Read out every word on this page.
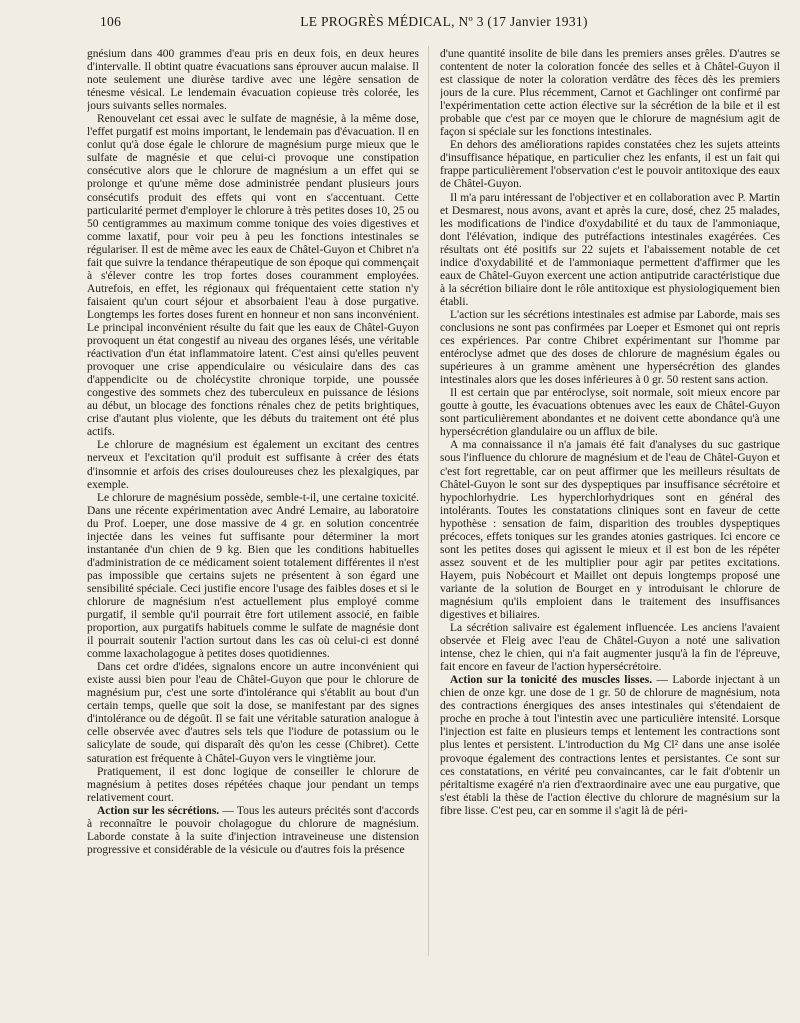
106	LE PROGRÈS MÉDICAL, Nº 3 (17 Janvier 1931)

gnésium dans 400 grammes d'eau pris en deux fois, en deux heures d'intervalle. Il obtint quatre évacuations sans éprouver aucun malaise. Il note seulement une diurèse tardive avec une légère sensation de ténesme vésical. Le lendemain évacuation copieuse très colorée, les jours suivants selles normales.

Renouvelant cet essai avec le sulfate de magnésie, à la même dose, l'effet purgatif est moins important, le lendemain pas d'évacuation. Il en conlut qu'à dose égale le chlorure de magnésium purge mieux que le sulfate de magnésie et que celui-ci provoque une constipation consécutive alors que le chlorure de magnésium a un effet qui se prolonge et qu'une même dose administrée pendant plusieurs jours consécutifs produit des effets qui vont en s'accentuant. Cette particularité permet d'employer le chlorure à très petites doses 10, 25 ou 50 centigrammes au maximum comme tonique des voies digestives et comme laxatif, pour voir peu à peu les fonctions intestinales se régulariser. Il est de même avec les eaux de Châtel-Guyon et Chibret n'a fait que suivre la tendance thérapeutique de son époque qui commençait à s'élever contre les trop fortes doses couramment employées. Autrefois, en effet, les régionaux qui fréquentaient cette station n'y faisaient qu'un court séjour et absorbaient l'eau à dose purgative. Longtemps les fortes doses furent en honneur et non sans inconvénient. Le principal inconvénient résulte du fait que les eaux de Châtel-Guyon provoquent un état congestif au niveau des organes lésés, une véritable réactivation d'un état inflammatoire latent. C'est ainsi qu'elles peuvent provoquer une crise appendiculaire ou vésiculaire dans des cas d'appendicite ou de cholécystite chronique torpide, une poussée congestive des sommets chez des tuberculeux en puissance de lésions au début, un blocage des fonctions rénales chez de petits brightiques, crise d'autant plus violente, que les débuts du traitement ont été plus actifs.

Le chlorure de magnésium est également un excitant des centres nerveux et l'excitation qu'il produit est suffisante à créer des états d'insomnie et arfois des crises douloureuses chez les plexalgiques, par exemple.

Le chlorure de magnésium possède, semble-t-il, une certaine toxicité. Dans une récente expérimentation avec André Lemaire, au laboratoire du Prof. Loeper, une dose massive de 4 gr. en solution concentrée injectée dans les veines fut suffisante pour déterminer la mort instantanée d'un chien de 9 kg. Bien que les conditions habituelles d'administration de ce médicament soient totalement différentes il n'est pas impossible que certains sujets ne présentent à son égard une sensibilité spéciale. Ceci justifie encore l'usage des faibles doses et si le chlorure de magnésium n'est actuellement plus employé comme purgatif, il semble qu'il pourrait être fort utilement associé, en faible proportion, aux purgatifs habituels comme le sulfate de magnésie dont il pourrait soutenir l'action surtout dans les cas où celui-ci est donné comme laxacholagogue à petites doses quotidiennes.

Dans cet ordre d'idées, signalons encore un autre inconvénient qui existe aussi bien pour l'eau de Châtel-Guyon que pour le chlorure de magnésium pur, c'est une sorte d'intolérance qui s'établit au bout d'un certain temps, quelle que soit la dose, se manifestant par des signes d'intolérance ou de dégoût. Il se fait une véritable saturation analogue à celle observée avec d'autres sels tels que l'iodure de potassium ou le salicylate de soude, qui disparaît dès qu'on les cesse (Chibret). Cette saturation est fréquente à Châtel-Guyon vers le vingtième jour.

Pratiquement, il est donc logique de conseiller le chlorure de magnésium à petites doses répétées chaque jour pendant un temps relativement court.

Action sur les sécrétions. — Tous les auteurs précités sont d'accords à reconnaître le pouvoir cholagogue du chlorure de magnésium. Laborde constate à la suite d'injection intraveineuse une distension progressive et considérable de la vésicule ou d'autres fois la présence

d'une quantité insolite de bile dans les premiers anses grêles. D'autres se contentent de noter la coloration foncée des selles et à Châtel-Guyon il est classique de noter la coloration verdâtre des fèces dès les premiers jours de la cure. Plus récemment, Carnot et Gachlinger ont confirmé par l'expérimentation cette action élective sur la sécrétion de la bile et il est probable que c'est par ce moyen que le chlorure de magnésium agit de façon si spéciale sur les fonctions intestinales.

En dehors des améliorations rapides constatées chez les sujets atteints d'insuffisance hépatique, en particulier chez les enfants, il est un fait qui frappe particulièrement l'observation c'est le pouvoir antitoxique des eaux de Châtel-Guyon.

Il m'a paru intéressant de l'objectiver et en collaboration avec P. Martin et Desmarest, nous avons, avant et après la cure, dosé, chez 25 malades, les modifications de l'indice d'oxydabilité et du taux de l'ammoniaque, dont l'élévation, indique des putréfactions intestinales exagérées. Ces résultats ont été positifs sur 22 sujets et l'abaissement notable de cet indice d'oxydabilité et de l'ammoniaque permettent d'affirmer que les eaux de Châtel-Guyon exercent une action antiputride caractéristique due à la sécrétion biliaire dont le rôle antitoxique est physiologiquement bien établi.

L'action sur les sécrétions intestinales est admise par Laborde, mais ses conclusions ne sont pas confirmées par Loeper et Esmonet qui ont repris ces expériences. Par contre Chibret expérimentant sur l'homme par entéroclyse admet que des doses de chlorure de magnésium égales ou supérieures à un gramme amènent une hypersécrétion des glandes intestinales alors que les doses inférieures à 0 gr. 50 restent sans action.

Il est certain que par entéroclyse, soit normale, soit mieux encore par goutte à goutte, les évacuations obtenues avec les eaux de Châtel-Guyon sont particulièrement abondantes et ne doivent cette abondance qu'à une hypersécrétion glandulaire ou un afflux de bile.

A ma connaissance il n'a jamais été fait d'analyses du suc gastrique sous l'influence du chlorure de magnésium et de l'eau de Châtel-Guyon et c'est fort regrettable, car on peut affirmer que les meilleurs résultats de Châtel-Guyon le sont sur des dyspeptiques par insuffisance sécrétoire et hypochlorhydrie. Les hyperchlorhydriques sont en général des intolérants. Toutes les constatations cliniques sont en faveur de cette hypothèse : sensation de faim, disparition des troubles dyspeptiques précoces, effets toniques sur les grandes atonies gastriques. Ici encore ce sont les petites doses qui agissent le mieux et il est bon de les répéter assez souvent et de les multiplier pour agir par petites excitations. Hayem, puis Nobécourt et Maillet ont depuis longtemps proposé une variante de la solution de Bourget en y introduisant le chlorure de magnésium qu'ils emploient dans le traitement des insuffisances digestives et biliaires.

La sécrétion salivaire est également influencée. Les anciens l'avaient observée et Fleig avec l'eau de Châtel-Guyon a noté une salivation intense, chez le chien, qui n'a fait augmenter jusqu'à la fin de l'épreuve, fait encore en faveur de l'action hypersécrétoire.

Action sur la tonicité des muscles lisses. — Laborde injectant à un chien de onze kgr. une dose de 1 gr. 50 de chlorure de magnésium, nota des contractions énergiques des anses intestinales qui s'étendaient de proche en proche à tout l'intestin avec une particulière intensité. Lorsque l'injection est faite en plusieurs temps et lentement les contractions sont plus lentes et persistent. L'introduction du Mg Cl² dans une anse isolée provoque également des contractions lentes et persistantes. Ce sont sur ces constatations, en vérité peu convaincantes, car le fait d'obtenir un péritaltisme exagéré n'a rien d'extraordinaire avec une eau purgative, que s'est établi la thèse de l'action élective du chlorure de magnésium sur la fibre lisse. C'est peu, car en somme il s'agit là de péri-
